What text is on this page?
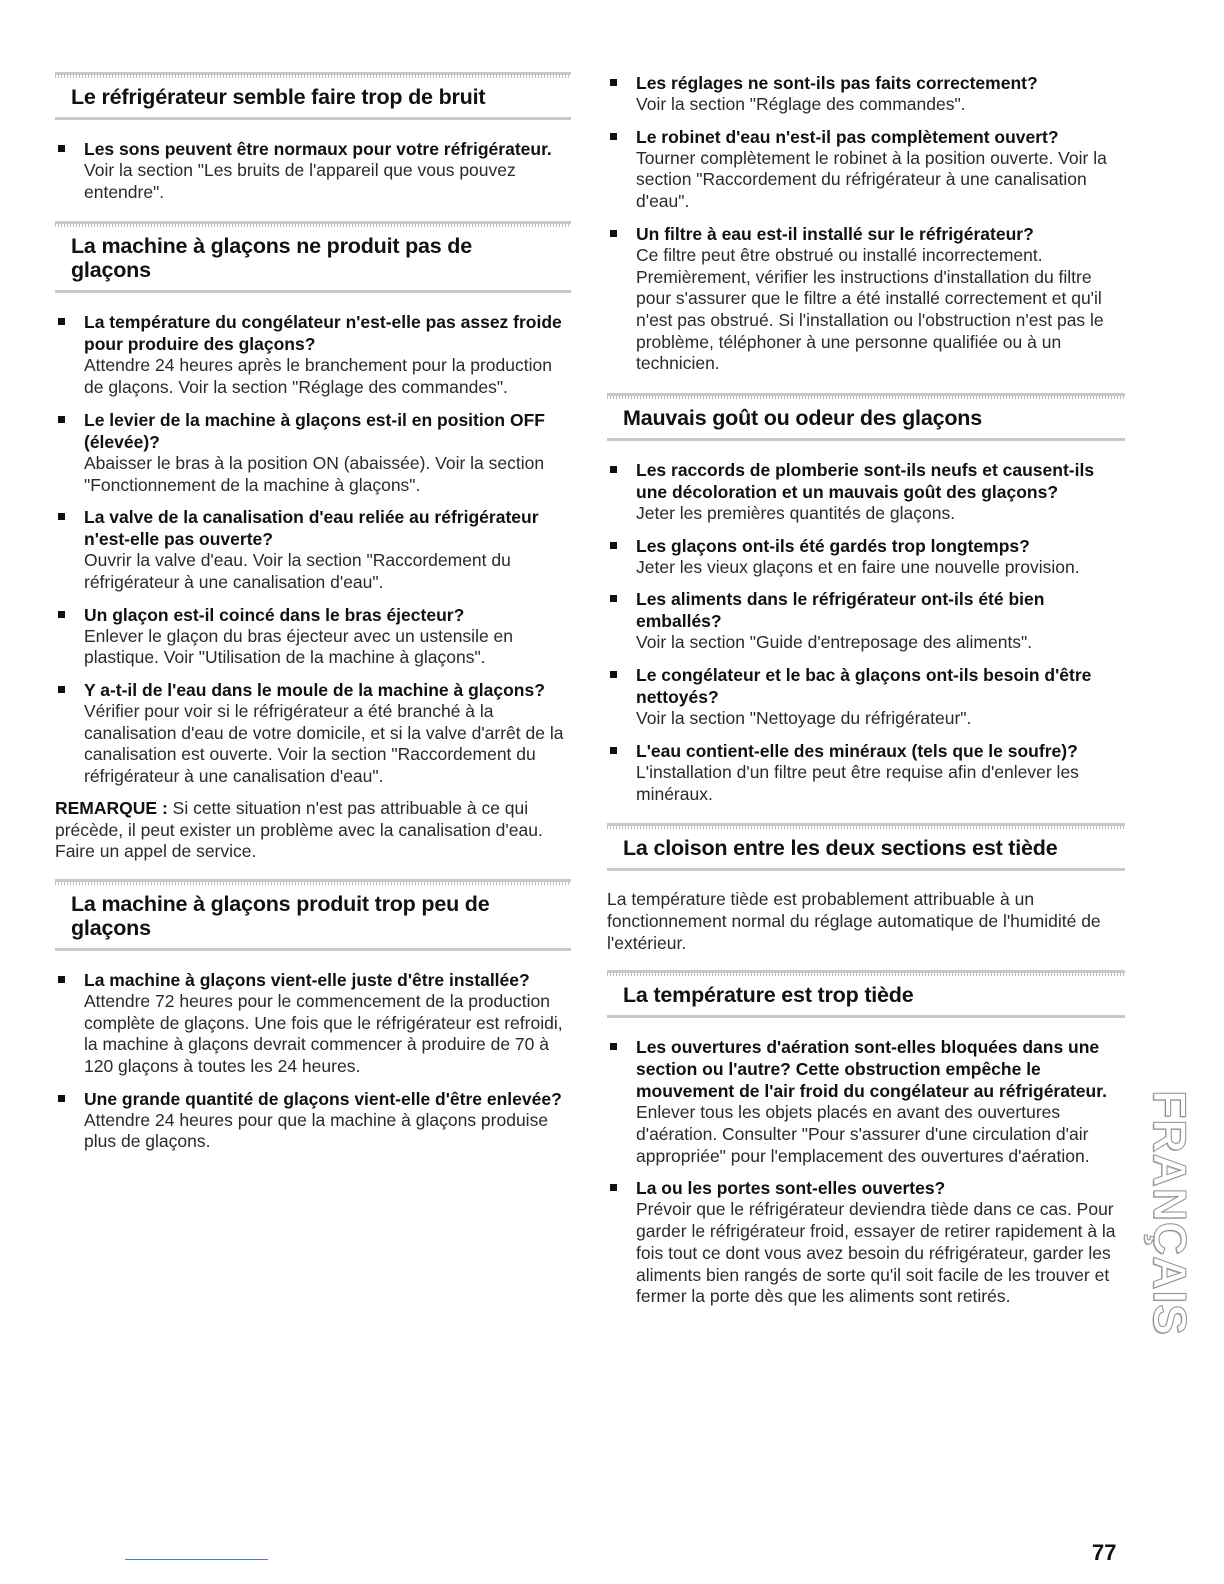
Le réfrigérateur semble faire trop de bruit
Les sons peuvent être normaux pour votre réfrigérateur.
Voir la section "Les bruits de l'appareil que vous pouvez entendre".
La machine à glaçons ne produit pas de glaçons
La température du congélateur n'est-elle pas assez froide pour produire des glaçons?
Attendre 24 heures après le branchement pour la production de glaçons. Voir la section "Réglage des commandes".
Le levier de la machine à glaçons est-il en position OFF (élevée)?
Abaisser le bras à la position ON (abaissée). Voir la section "Fonctionnement de la machine à glaçons".
La valve de la canalisation d'eau reliée au réfrigérateur n'est-elle pas ouverte?
Ouvrir la valve d'eau. Voir la section "Raccordement du réfrigérateur à une canalisation d'eau".
Un glaçon est-il coincé dans le bras éjecteur?
Enlever le glaçon du bras éjecteur avec un ustensile en plastique. Voir "Utilisation de la machine à glaçons".
Y a-t-il de l'eau dans le moule de la machine à glaçons?
Vérifier pour voir si le réfrigérateur a été branché à la canalisation d'eau de votre domicile, et si la valve d'arrêt de la canalisation est ouverte. Voir la section "Raccordement du réfrigérateur à une canalisation d'eau".
REMARQUE : Si cette situation n'est pas attribuable à ce qui précède, il peut exister un problème avec la canalisation d'eau. Faire un appel de service.
La machine à glaçons produit trop peu de glaçons
La machine à glaçons vient-elle juste d'être installée?
Attendre 72 heures pour le commencement de la production complète de glaçons. Une fois que le réfrigérateur est refroidi, la machine à glaçons devrait commencer à produire de 70 à 120 glaçons à toutes les 24 heures.
Une grande quantité de glaçons vient-elle d'être enlevée?
Attendre 24 heures pour que la machine à glaçons produise plus de glaçons.
Les réglages ne sont-ils pas faits correctement?
Voir la section "Réglage des commandes".
Le robinet d'eau n'est-il pas complètement ouvert?
Tourner complètement le robinet à la position ouverte. Voir la section "Raccordement du réfrigérateur à une canalisation d'eau".
Un filtre à eau est-il installé sur le réfrigérateur?
Ce filtre peut être obstrué ou installé incorrectement. Premièrement, vérifier les instructions d'installation du filtre pour s'assurer que le filtre a été installé correctement et qu'il n'est pas obstrué. Si l'installation ou l'obstruction n'est pas le problème, téléphoner à une personne qualifiée ou à un technicien.
Mauvais goût ou odeur des glaçons
Les raccords de plomberie sont-ils neufs et causent-ils une décoloration et un mauvais goût des glaçons?
Jeter les premières quantités de glaçons.
Les glaçons ont-ils été gardés trop longtemps?
Jeter les vieux glaçons et en faire une nouvelle provision.
Les aliments dans le réfrigérateur ont-ils été bien emballés?
Voir la section "Guide d'entreposage des aliments".
Le congélateur et le bac à glaçons ont-ils besoin d'être nettoyés?
Voir la section "Nettoyage du réfrigérateur".
L'eau contient-elle des minéraux (tels que le soufre)?
L'installation d'un filtre peut être requise afin d'enlever les minéraux.
La cloison entre les deux sections est tiède
La température tiède est probablement attribuable à un fonctionnement normal du réglage automatique de l'humidité de l'extérieur.
La température est trop tiède
Les ouvertures d'aération sont-elles bloquées dans une section ou l'autre? Cette obstruction empêche le mouvement de l'air froid du congélateur au réfrigérateur.
Enlever tous les objets placés en avant des ouvertures d'aération. Consulter "Pour s'assurer d'une circulation d'air appropriée" pour l'emplacement des ouvertures d'aération.
La ou les portes sont-elles ouvertes?
Prévoir que le réfrigérateur deviendra tiède dans ce cas. Pour garder le réfrigérateur froid, essayer de retirer rapidement à la fois tout ce dont vous avez besoin du réfrigérateur, garder les aliments bien rangés de sorte qu'il soit facile de les trouver et fermer la porte dès que les aliments sont retirés.	FRANÇAIS
77
